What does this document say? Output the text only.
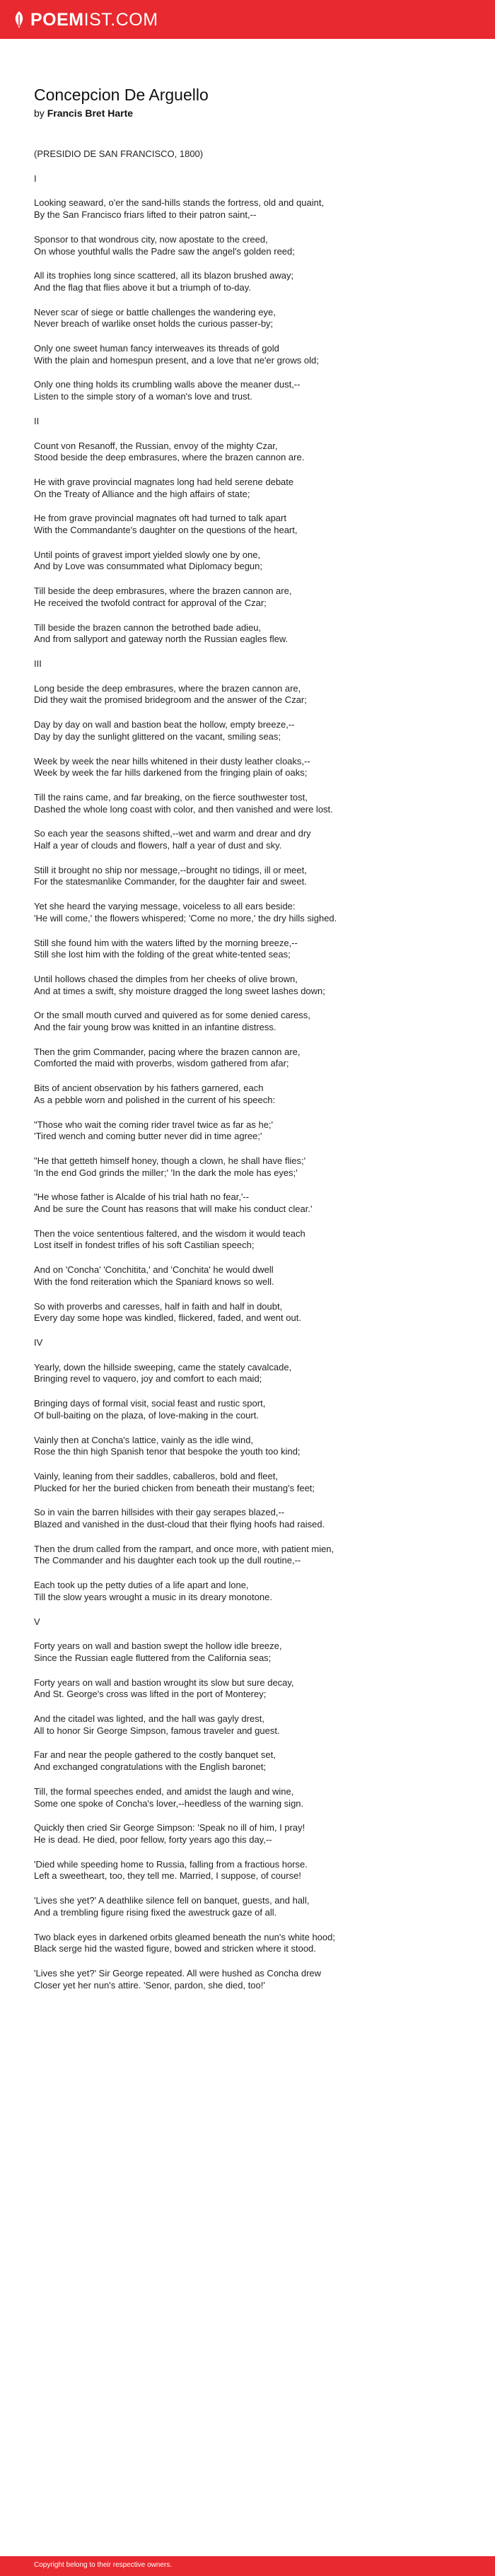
POEM IST.COM
Concepcion De Arguello
by Francis Bret Harte

(PRESIDIO DE SAN FRANCISCO, 1800)

I

Looking seaward, o'er the sand-hills stands the fortress, old and quaint,
By the San Francisco friars lifted to their patron saint,--

Sponsor to that wondrous city, now apostate to the creed,
On whose youthful walls the Padre saw the angel's golden reed;

All its trophies long since scattered, all its blazon brushed away;
And the flag that flies above it but a triumph of to-day.

Never scar of siege or battle challenges the wandering eye,
Never breach of warlike onset holds the curious passer-by;

Only one sweet human fancy interweaves its threads of gold
With the plain and homespun present, and a love that ne'er grows old;

Only one thing holds its crumbling walls above the meaner dust,--
Listen to the simple story of a woman's love and trust.

II

Count von Resanoff, the Russian, envoy of the mighty Czar,
Stood beside the deep embrasures, where the brazen cannon are.

He with grave provincial magnates long had held serene debate
On the Treaty of Alliance and the high affairs of state;

He from grave provincial magnates oft had turned to talk apart
With the Commandante's daughter on the questions of the heart,

Until points of gravest import yielded slowly one by one,
And by Love was consummated what Diplomacy begun;

Till beside the deep embrasures, where the brazen cannon are,
He received the twofold contract for approval of the Czar;

Till beside the brazen cannon the betrothed bade adieu,
And from sallyport and gateway north the Russian eagles flew.

III

Long beside the deep embrasures, where the brazen cannon are,
Did they wait the promised bridegroom and the answer of the Czar;

Day by day on wall and bastion beat the hollow, empty breeze,--
Day by day the sunlight glittered on the vacant, smiling seas;

Week by week the near hills whitened in their dusty leather cloaks,--
Week by week the far hills darkened from the fringing plain of oaks;

Till the rains came, and far breaking, on the fierce southwester tost,
Dashed the whole long coast with color, and then vanished and were lost.

So each year the seasons shifted,--wet and warm and drear and dry
Half a year of clouds and flowers, half a year of dust and sky.

Still it brought no ship nor message,--brought no tidings, ill or meet,
For the statesmanlike Commander, for the daughter fair and sweet.

Yet she heard the varying message, voiceless to all ears beside:
'He will come,' the flowers whispered; 'Come no more,' the dry hills sighed.

Still she found him with the waters lifted by the morning breeze,--
Still she lost him with the folding of the great white-tented seas;

Until hollows chased the dimples from her cheeks of olive brown,
And at times a swift, shy moisture dragged the long sweet lashes down;

Or the small mouth curved and quivered as for some denied caress,
And the fair young brow was knitted in an infantine distress.

Then the grim Commander, pacing where the brazen cannon are,
Comforted the maid with proverbs, wisdom gathered from afar;

Bits of ancient observation by his fathers garnered, each
As a pebble worn and polished in the current of his speech:

"Those who wait the coming rider travel twice as far as he;'
'Tired wench and coming butter never did in time agree;'

"He that getteth himself honey, though a clown, he shall have flies;'
'In the end God grinds the miller;' 'In the dark the mole has eyes;'

"He whose father is Alcalde of his trial hath no fear,'--
And be sure the Count has reasons that will make his conduct clear.'

Then the voice sententious faltered, and the wisdom it would teach
Lost itself in fondest trifles of his soft Castilian speech;

And on 'Concha' 'Conchitita,' and 'Conchita' he would dwell
With the fond reiteration which the Spaniard knows so well.

So with proverbs and caresses, half in faith and half in doubt,
Every day some hope was kindled, flickered, faded, and went out.

IV

Yearly, down the hillside sweeping, came the stately cavalcade,
Bringing revel to vaquero, joy and comfort to each maid;

Bringing days of formal visit, social feast and rustic sport,
Of bull-baiting on the plaza, of love-making in the court.

Vainly then at Concha's lattice, vainly as the idle wind,
Rose the thin high Spanish tenor that bespoke the youth too kind;

Vainly, leaning from their saddles, caballeros, bold and fleet,
Plucked for her the buried chicken from beneath their mustang's feet;

So in vain the barren hillsides with their gay serapes blazed,--
Blazed and vanished in the dust-cloud that their flying hoofs had raised.

Then the drum called from the rampart, and once more, with patient mien,
The Commander and his daughter each took up the dull routine,--

Each took up the petty duties of a life apart and lone,
Till the slow years wrought a music in its dreary monotone.

V

Forty years on wall and bastion swept the hollow idle breeze,
Since the Russian eagle fluttered from the California seas;

Forty years on wall and bastion wrought its slow but sure decay,
And St. George's cross was lifted in the port of Monterey;

And the citadel was lighted, and the hall was gayly drest,
All to honor Sir George Simpson, famous traveler and guest.

Far and near the people gathered to the costly banquet set,
And exchanged congratulations with the English baronet;

Till, the formal speeches ended, and amidst the laugh and wine,
Some one spoke of Concha's lover,--heedless of the warning sign.

Quickly then cried Sir George Simpson: 'Speak no ill of him, I pray!
He is dead. He died, poor fellow, forty years ago this day,--

'Died while speeding home to Russia, falling from a fractious horse.
Left a sweetheart, too, they tell me. Married, I suppose, of course!

'Lives she yet?' A deathlike silence fell on banquet, guests, and hall,
And a trembling figure rising fixed the awestruck gaze of all.

Two black eyes in darkened orbits gleamed beneath the nun's white hood;
Black serge hid the wasted figure, bowed and stricken where it stood.

'Lives she yet?' Sir George repeated. All were hushed as Concha drew
Closer yet her nun's attire. 'Senor, pardon, she died, too!'

Copyright belong to their respective owners.
